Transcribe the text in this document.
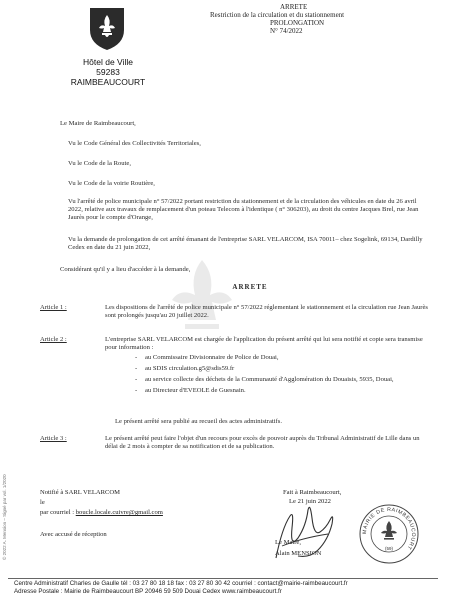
Hôtel de Ville
59283 RAIMBEAUCOURT
ARRETE
Restriction de la circulation et du stationnement
PROLONGATION
N° 74/2022
Le Maire de Raimbeaucourt,
Vu le Code Général des Collectivités Territoriales,
Vu le Code de la Route,
Vu le Code de la voirie Routière,
Vu l'arrêté de police municipale n° 57/2022 portant restriction du stationnement et de la circulation des véhicules en date du 26 avril 2022, relative aux travaux de remplacement d'un poteau Telecom à l'identique ( n° 306203), au droit du centre Jacques Brel, rue Jean Jaurès pour le compte d'Orange,
Vu la demande de prolongation de cet arrêté émanant de l'entreprise SARL VELARCOM, ISA 70011– chez Sogelink, 69134, Dardilly Cedex en date du 21 juin 2022,
Considérant qu'il y a lieu d'accéder à la demande,
ARRETE
Article 1 :	Les dispositions de l'arrêté de police municipale n° 57/2022 réglementant le stationnement et la circulation rue Jean Jaurès sont prolongés jusqu'au 20 juillet 2022.
Article 2 :	L'entreprise SARL VELARCOM est chargée de l'application du présent arrêté qui lui sera notifié et copie sera transmise pour information :
- au Commissaire Divisionnaire de Police de Douai,
- au SDIS circulation.g5@sdis59.fr
- au service collecte des déchets de la Communauté d'Agglomération du Douaisis, 5935, Douai,
- au Directeur d'EVEOLE de Guesnain.
Le présent arrêté sera publié au recueil des actes administratifs.
Article 3 :	Le présent arrêté peut faire l'objet d'un recours pour excès de pouvoir auprès du Tribunal Administratif de Lille dans un délai de 2 mois à compter de sa notification et de sa publication.
Notifié à SARL VELARCOM
le
par courriel : boucle.locale.cuivre@gmail.com
Avec accusé de réception
Fait à Raimbeaucourt,
Le 21 juin 2022
Le Maire,
Alain MENSION
MAIRIE DE RAIMBEAUCOURT
(59)
Centre Administratif Charles de Gaulle tél : 03 27 80 18 18 fax : 03 27 80 30 42 courriel : contact@mairie-raimbeaucourt.fr
Adresse Postale : Mairie de Raimbeaucourt BP 20946 59 509 Douai Cedex www.raimbeaucourt.fr
© 2022 A. Mension – Signé par vol. 1/2020
